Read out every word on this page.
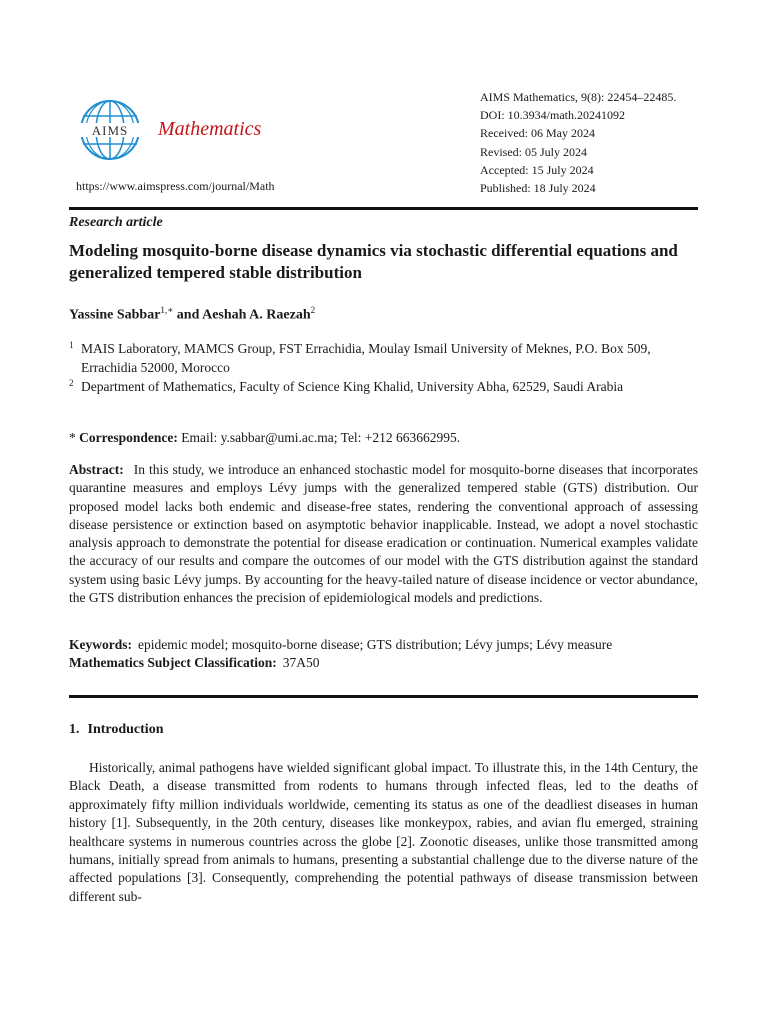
AIMS Mathematics
https://www.aimspress.com/journal/Math
AIMS Mathematics, 9(8): 22454–22485.
DOI: 10.3934/math.20241092
Received: 06 May 2024
Revised: 05 July 2024
Accepted: 15 July 2024
Published: 18 July 2024
Research article
Modeling mosquito-borne disease dynamics via stochastic differential equations and generalized tempered stable distribution
Yassine Sabbar$^{1,∗}$ and Aeshah A. Raezah$^2$
1 MAIS Laboratory, MAMCS Group, FST Errachidia, Moulay Ismail University of Meknes, P.O. Box 509, Errachidia 52000, Morocco
2 Department of Mathematics, Faculty of Science King Khalid, University Abha, 62529, Saudi Arabia
* Correspondence: Email: y.sabbar@umi.ac.ma; Tel: +212 663662995.
Abstract: In this study, we introduce an enhanced stochastic model for mosquito-borne diseases that incorporates quarantine measures and employs Lévy jumps with the generalized tempered stable (GTS) distribution. Our proposed model lacks both endemic and disease-free states, rendering the conventional approach of assessing disease persistence or extinction based on asymptotic behavior inapplicable. Instead, we adopt a novel stochastic analysis approach to demonstrate the potential for disease eradication or continuation. Numerical examples validate the accuracy of our results and compare the outcomes of our model with the GTS distribution against the standard system using basic Lévy jumps. By accounting for the heavy-tailed nature of disease incidence or vector abundance, the GTS distribution enhances the precision of epidemiological models and predictions.
Keywords: epidemic model; mosquito-borne disease; GTS distribution; Lévy jumps; Lévy measure
Mathematics Subject Classification: 37A50
1. Introduction
Historically, animal pathogens have wielded significant global impact. To illustrate this, in the 14th Century, the Black Death, a disease transmitted from rodents to humans through infected fleas, led to the deaths of approximately fifty million individuals worldwide, cementing its status as one of the deadliest diseases in human history [1]. Subsequently, in the 20th century, diseases like monkeypox, rabies, and avian flu emerged, straining healthcare systems in numerous countries across the globe [2]. Zoonotic diseases, unlike those transmitted among humans, initially spread from animals to humans, presenting a substantial challenge due to the diverse nature of the affected populations [3]. Consequently, comprehending the potential pathways of disease transmission between different sub-
